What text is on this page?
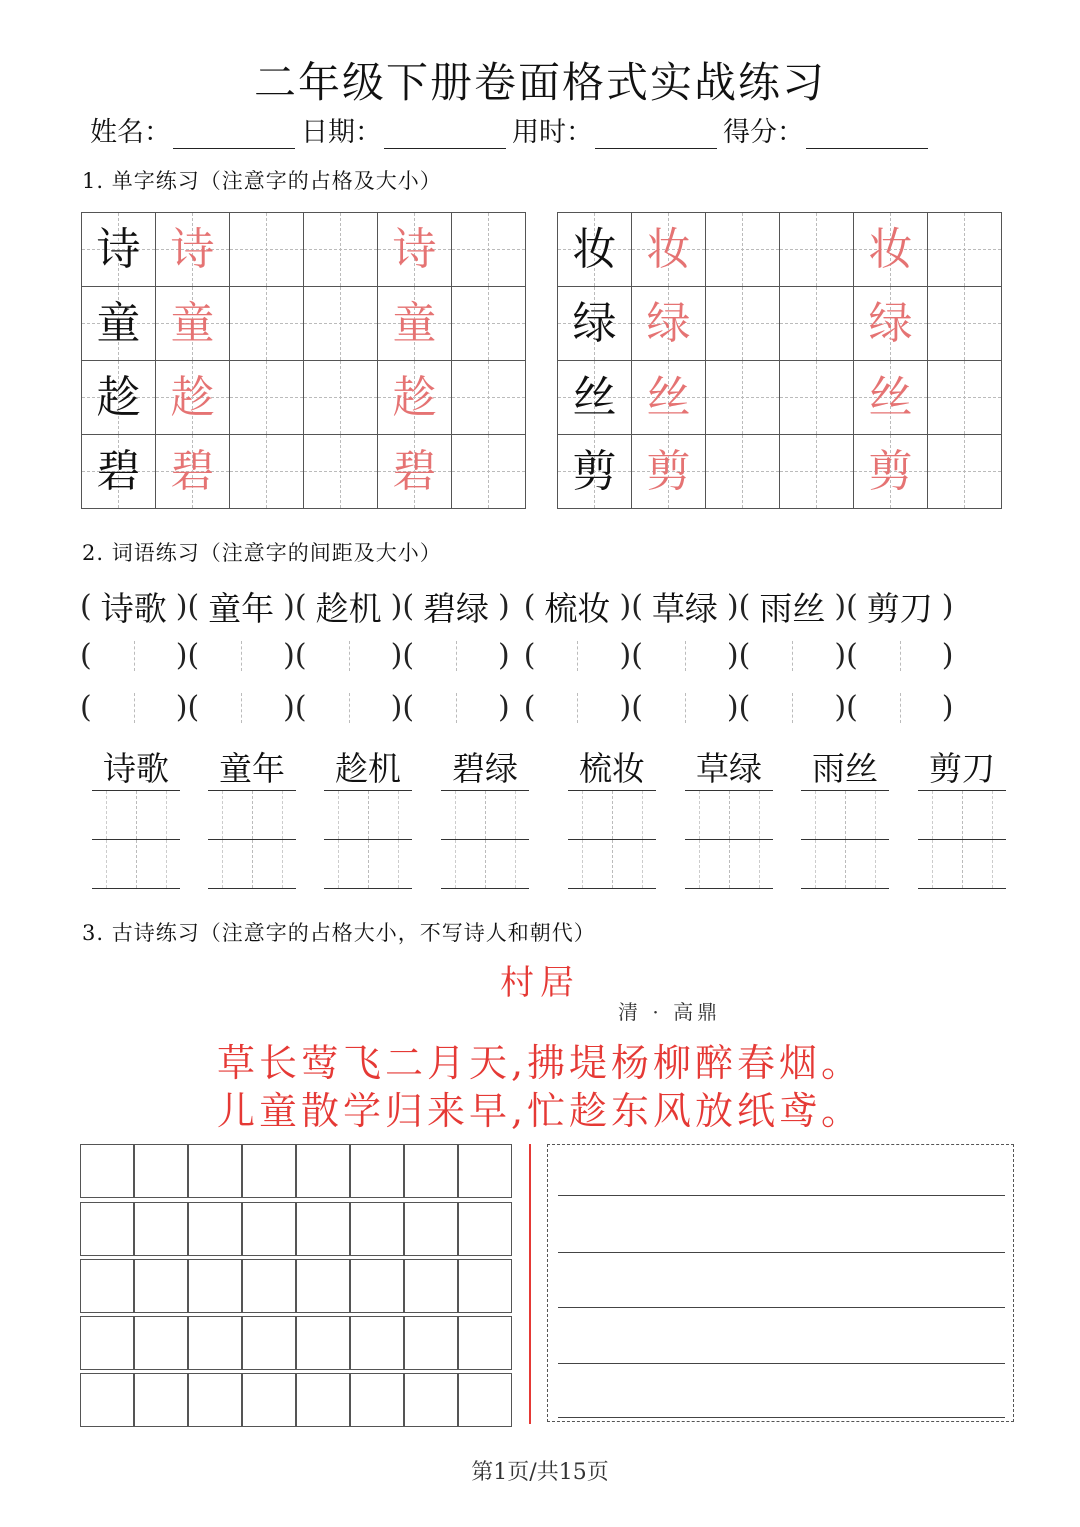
二年级下册卷面格式实战练习
姓名：	日期：	用时：	得分：
1. 单字练习（注意字的占格及大小）
诗	诗			诗	

童	童			童	

趁	趁			趁	

碧	碧			碧	

妆	妆			妆	

绿	绿			绿	

丝	丝			丝	

剪	剪			剪	

2. 词语练习（注意字的间距及大小）
( 诗歌 ) ( 童年 ) ( 趁机 ) ( 碧绿 ) ( 梳妆 ) ( 草绿 ) ( 雨丝 ) ( 剪刀 )
(	) (	) (	) (	) (	) (	) (	) (	)
(	) (	) (	) (	) (	) (	) (	) (	)
诗歌	童年	趁机	碧绿	梳妆	草绿	雨丝	剪刀
3. 古诗练习（注意字的占格大小，不写诗人和朝代）
村居
清 · 高鼎
草长莺飞二月天,拂堤杨柳醉春烟。
儿童散学归来早,忙趁东风放纸鸢。

第1页/共15页
